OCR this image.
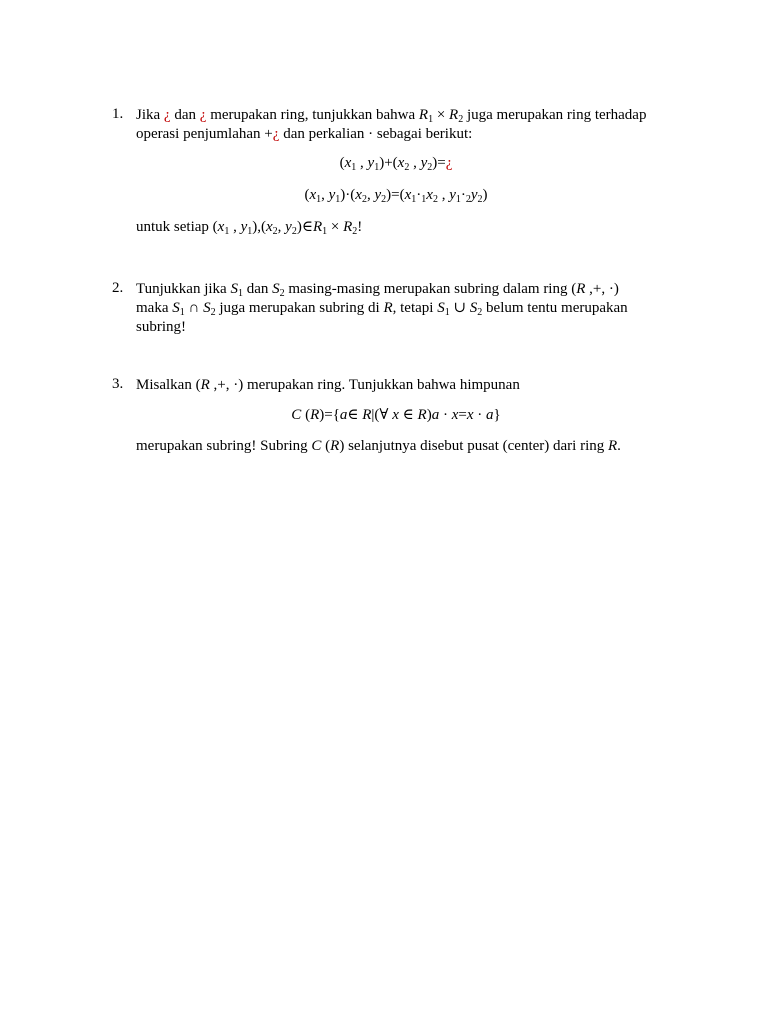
1. Jika ¿ dan ¿ merupakan ring, tunjukkan bahwa $R_1 \times R_2$ juga merupakan ring terhadap
operasi penjumlahan +¿ dan perkalian · sebagai berikut:
($x_1$ , $y_1)+(x_2$ , $y_2)=¿$
($x_1$, $y_1)\cdot(x_2$, $y_2)=(x_1\cdot_1x_2$ , $y_1\cdot_2y_2$)
untuk setiap ($x_1$ , $y_1),(x_2$, $y_2)\in R_1 \times R_2$!
2. Tunjukkan jika $S_1$ dan $S_2$ masing-masing merupakan subring dalam ring (R ,+, ·)
maka $S_1$ ∩ $S_2$ juga merupakan subring di R, tetapi $S_1$ ∪ $S_2$ belum tentu merupakan
subring!
3. Misalkan (R ,+, ·) merupakan ring. Tunjukkan bahwa himpunan
C (R)={a∈ R|(∀ x ∈ R)a · x=x · a}
merupakan subring! Subring C (R) selanjutnya disebut pusat (center) dari ring R.
